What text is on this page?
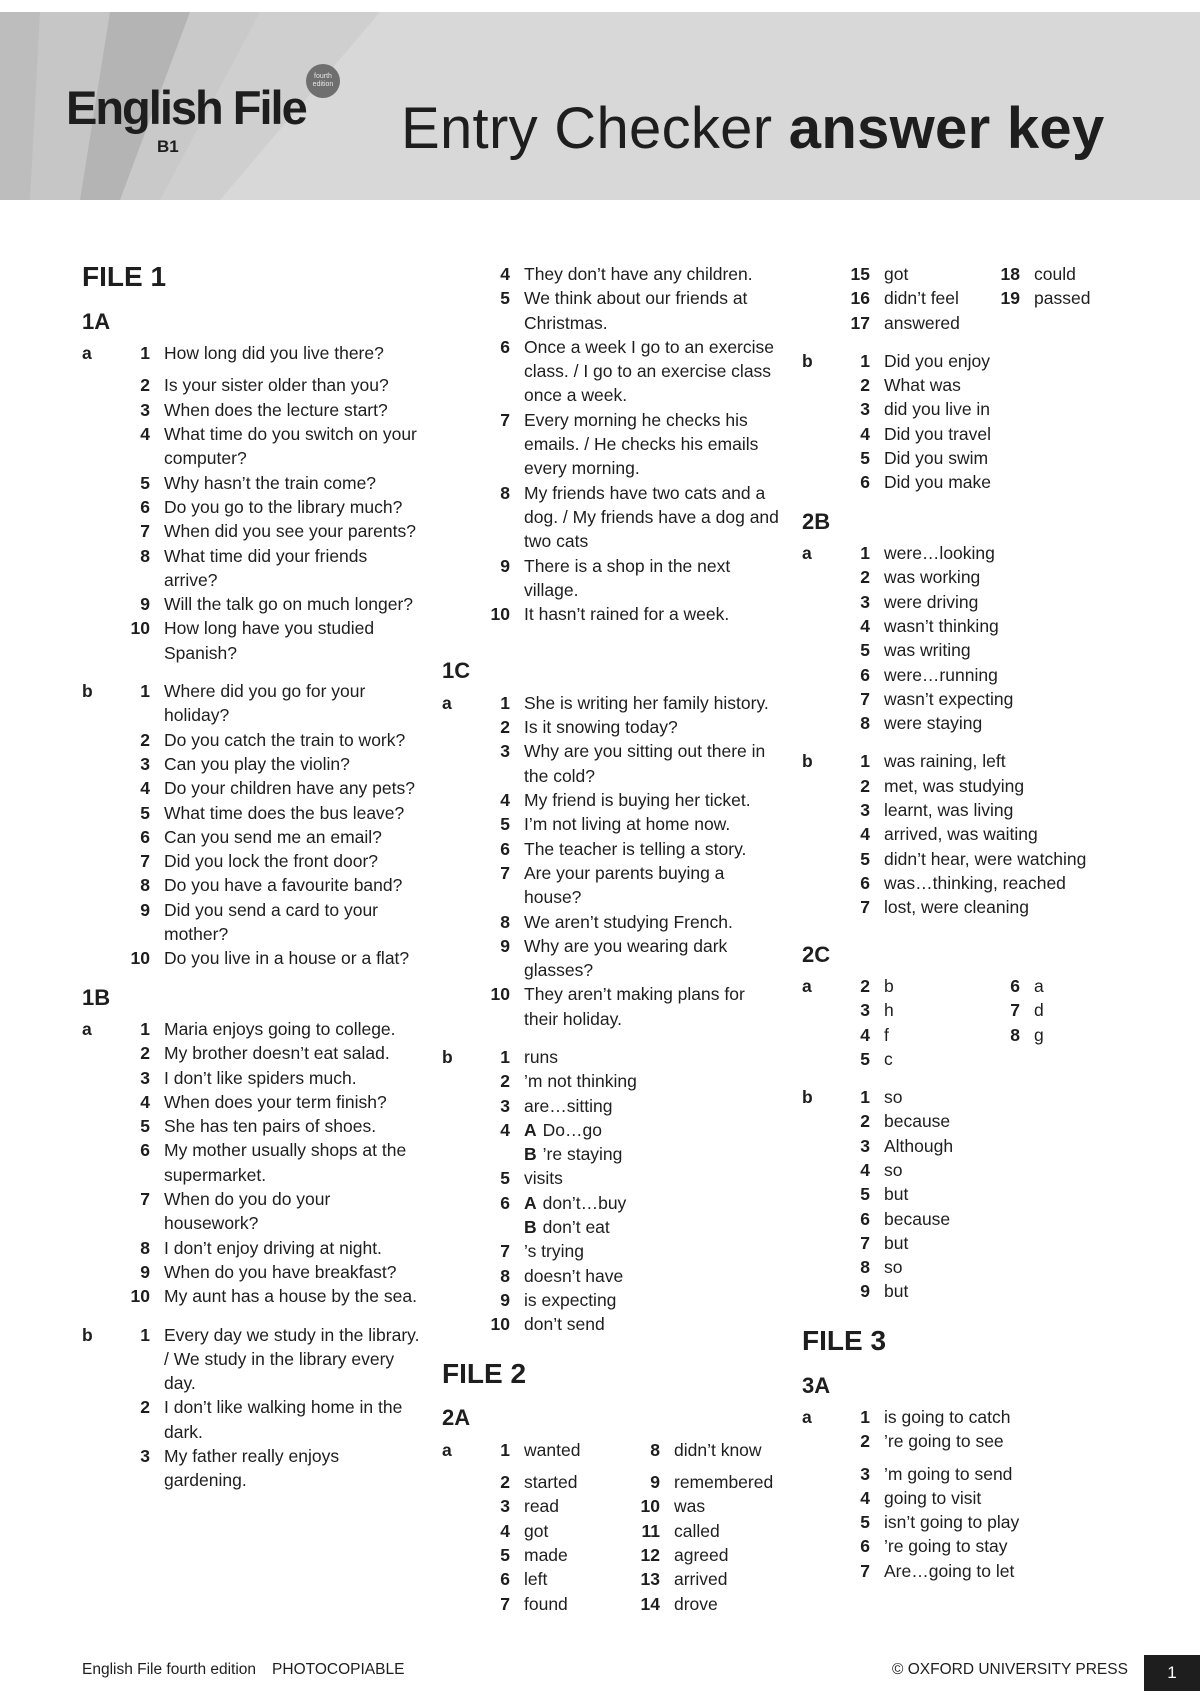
English File
B1
fourth
edition
Entry Checker answer key
FILE 1
1A
a	1 How long did you live there?
2 Is your sister older than you?
3 When does the lecture start?
4 What time do you switch on your computer?
5 Why hasn’t the train come?
6 Do you go to the library much?
7 When did you see your parents?
8 What time did your friends arrive?
9 Will the talk go on much longer?
10 How long have you studied Spanish?
b	1 Where did you go for your holiday?
2 Do you catch the train to work?
3 Can you play the violin?
4 Do your children have any pets?
5 What time does the bus leave?
6 Can you send me an email?
7 Did you lock the front door?
8 Do you have a favourite band?
9 Did you send a card to your mother?
10 Do you live in a house or a flat?
1B
a	1 Maria enjoys going to college.
2 My brother doesn’t eat salad.
3 I don’t like spiders much.
4 When does your term finish?
5 She has ten pairs of shoes.
6 My mother usually shops at the supermarket.
7 When do you do your housework?
8 I don’t enjoy driving at night.
9 When do you have breakfast?
10 My aunt has a house by the sea.
b	1 Every day we study in the library. / We study in the library every day.
2 I don’t like walking home in the dark.
3 My father really enjoys gardening.
4 They don’t have any children.
5 We think about our friends at Christmas.
6 Once a week I go to an exercise class. / I go to an exercise class once a week.
7 Every morning he checks his emails. / He checks his emails every morning.
8 My friends have two cats and a dog. / My friends have a dog and two cats
9 There is a shop in the next village.
10 It hasn’t rained for a week.
1C
a	1 She is writing her family history.
2 Is it snowing today?
3 Why are you sitting out there in the cold?
4 My friend is buying her ticket.
5 I’m not living at home now.
6 The teacher is telling a story.
7 Are your parents buying a house?
8 We aren’t studying French.
9 Why are you wearing dark glasses?
10 They aren’t making plans for their holiday.
b	1 runs
2 ’m not thinking
3 are…sitting
4 A Do…go
B ’re staying
5 visits
6 A don’t…buy
B don’t eat
7 ’s trying
8 doesn’t have
9 is expecting
10 don’t send
FILE 2
2A
a	1 wanted	8 didn’t know
2 started	9 remembered
3 read	10 was
4 got	11 called
5 made	12 agreed
6 left	13 arrived
7 found	14 drove
15 got	18 could
16 didn’t feel	19 passed
17 answered
b	1 Did you enjoy
2 What was
3 did you live in
4 Did you travel
5 Did you swim
6 Did you make
2B
a	1 were…looking
2 was working
3 were driving
4 wasn’t thinking
5 was writing
6 were…running
7 wasn’t expecting
8 were staying
b	1 was raining, left
2 met, was studying
3 learnt, was living
4 arrived, was waiting
5 didn’t hear, were watching
6 was…thinking, reached
7 lost, were cleaning
2C
a	2 b	6 a
3 h	7 d
4 f	8 g
5 c
b	1 so
2 because
3 Although
4 so
5 but
6 because
7 but
8 so
9 but
FILE 3
3A
a	1 is going to catch
2 ’re going to see
3 ’m going to send
4 going to visit
5 isn’t going to play
6 ’re going to stay
7 Are…going to let
English File fourth edition PHOTOCOPIABLE	© OXFORD UNIVERSITY PRESS	1
